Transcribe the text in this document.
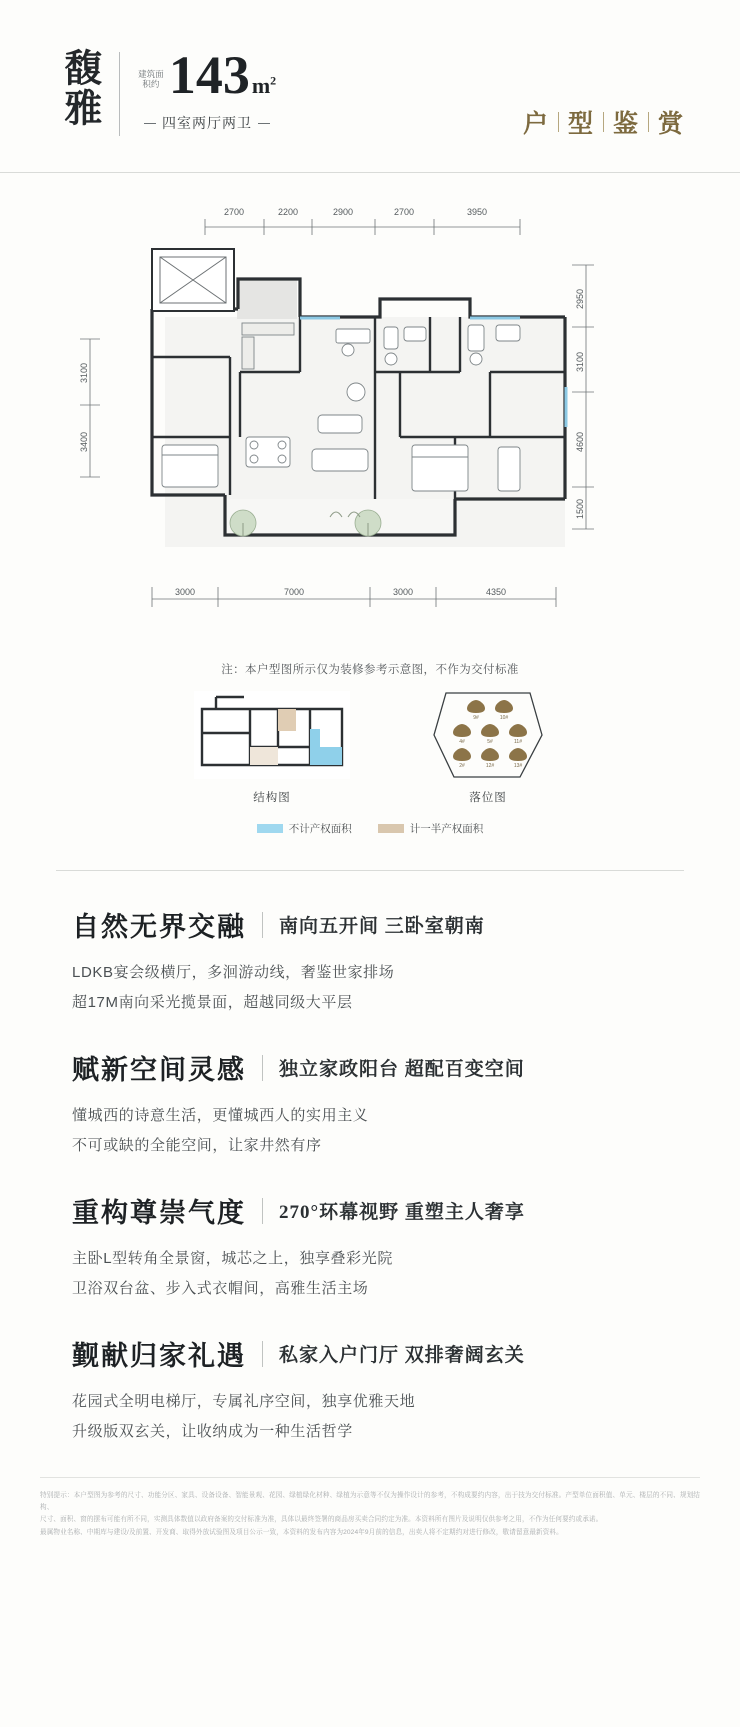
馥雅	建筑面积约 143 $m^2$
四室两厅两卫	户 型 鉴 赏
2700	2200	2900	2700	3950
2950
3100
4600
1500
3100
3400
3000	7000	3000	4350
注：本户型图所示仅为装修参考示意图，不作为交付标准
结构图
9#	10#
4#	5#	11#
2#	12#	13#
落位图
不计产权面积	计一半产权面积
自然无界交融 南向五开间 三卧室朝南
LDKB宴会级横厅，多洄游动线，奢鉴世家排场
超17M南向采光揽景面，超越同级大平层
赋新空间灵感 独立家政阳台 超配百变空间
懂城西的诗意生活，更懂城西人的实用主义
不可或缺的全能空间，让家井然有序
重构尊崇气度 270°环幕视野 重塑主人奢享
主卧L型转角全景窗，城芯之上，独享叠彩光院
卫浴双台盆、步入式衣帽间，高雅生活主场
觐献归家礼遇 私家入户门厅 双排奢阔玄关
花园式全明电梯厅，专属礼序空间，独享优雅天地
升级版双玄关，让收纳成为一种生活哲学
特别提示：本户型图为参考的尺寸、功能分区、家具、设备设备、智能景观、花园、绿植绿化材种、绿植为示意等不仅为操作设计的参考，不构成要约内容，出于技为交付标准。产型单位面积值、单元、楼层的不同、规划结构、
尺寸、面积、窗的摆布可能有所不同，实测具体数值以政府备案的交付标准为准，具体以最终签署的商品房买卖合同约定为准。本资料所有图片及说明仅供参考之用，不作为任何要约或承诺。
最属物业名称、中期库与建设/及前置、开发商、取得外放试验图及项目公示一致，本资料的发布内容为2024年9月前的信息，出卖人将不定期约对进行修改，敬请留意最新资料。
